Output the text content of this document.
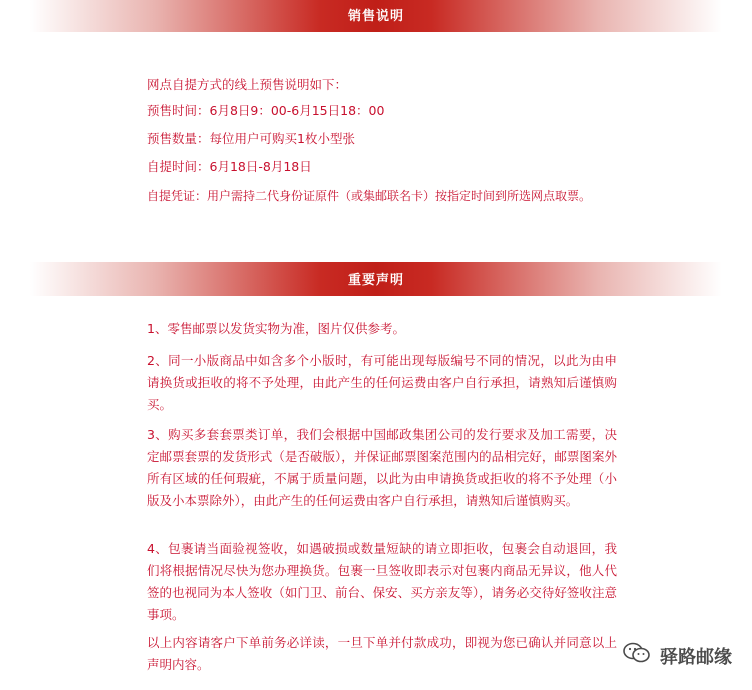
销售说明
网点自提方式的线上预售说明如下：
预售时间：6月8日9：00-6月15日18：00
预售数量：每位用户可购买1枚小型张
自提时间：6月18日-8月18日
自提凭证：用户需持二代身份证原件（或集邮联名卡）按指定时间到所选网点取票。
重要声明
1、零售邮票以发货实物为准，图片仅供参考。
2、同一小版商品中如含多个小版时，有可能出现每版编号不同的情况，以此为由申请换货或拒收的将不予处理，由此产生的任何运费由客户自行承担，请熟知后谨慎购买。
3、购买多套套票类订单，我们会根据中国邮政集团公司的发行要求及加工需要，决定邮票套票的发货形式（是否破版），并保证邮票图案范围内的品相完好，邮票图案外所有区域的任何瑕疵，不属于质量问题，以此为由申请换货或拒收的将不予处理（小版及小本票除外），由此产生的任何运费由客户自行承担，请熟知后谨慎购买。
4、包裹请当面验视签收，如遇破损或数量短缺的请立即拒收，包裹会自动退回，我们将根据情况尽快为您办理换货。包裹一旦签收即表示对包裹内商品无异议，他人代签的也视同为本人签收（如门卫、前台、保安、买方亲友等），请务必交待好签收注意事项。
以上内容请客户下单前务必详读，一旦下单并付款成功，即视为您已确认并同意以上声明内容。	驿路邮缘
